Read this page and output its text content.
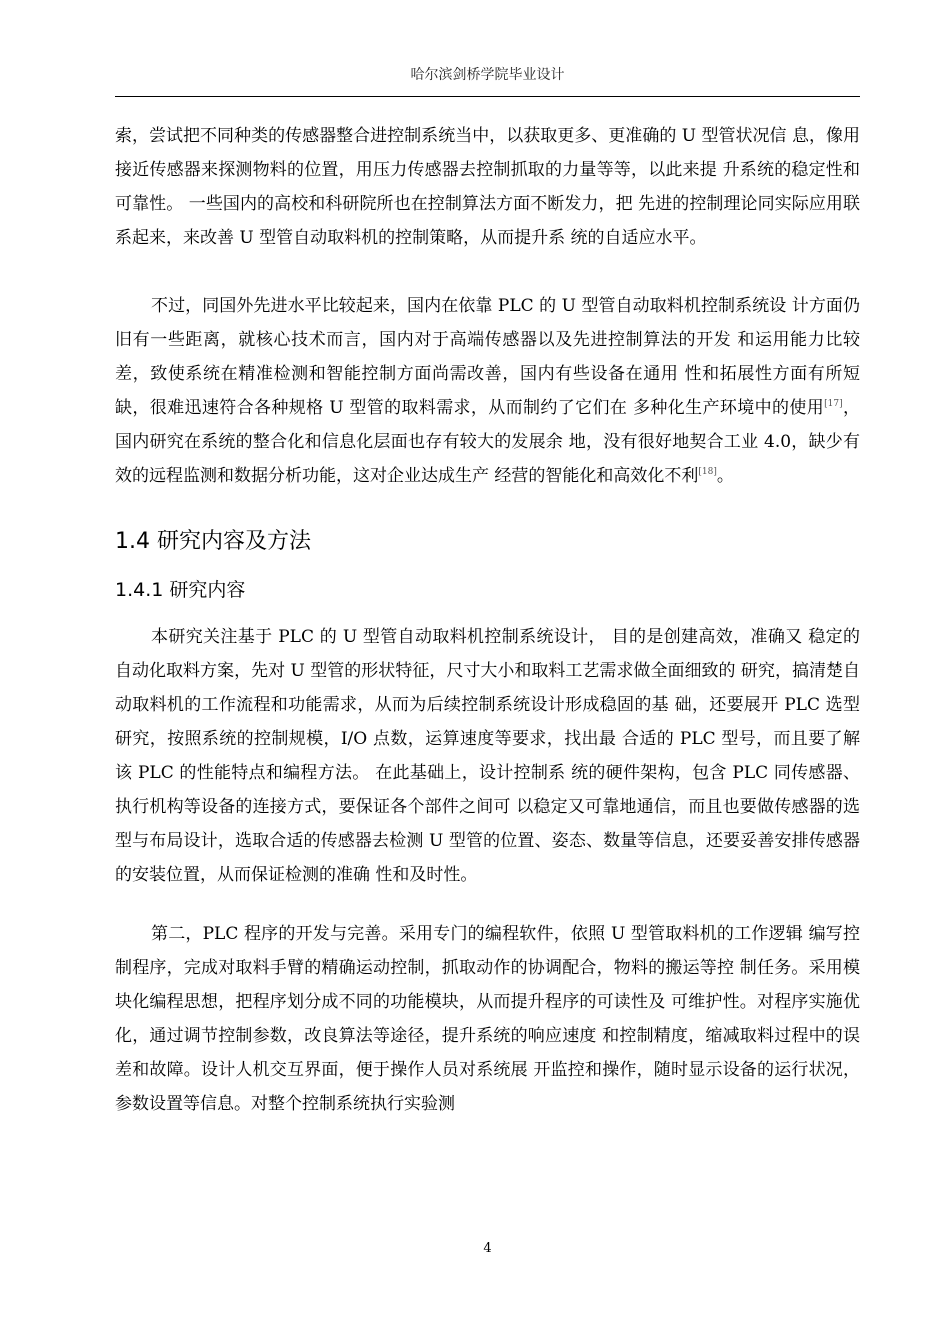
哈尔滨剑桥学院毕业设计
索，尝试把不同种类的传感器整合进控制系统当中，以获取更多、更准确的 U 型管状况信 息，像用接近传感器来探测物料的位置，用压力传感器去控制抓取的力量等等，以此来提 升系统的稳定性和可靠性。 一些国内的高校和科研院所也在控制算法方面不断发力，把 先进的控制理论同实际应用联系起来，来改善 U 型管自动取料机的控制策略，从而提升系 统的自适应水平。
不过，同国外先进水平比较起来，国内在依靠 PLC 的 U 型管自动取料机控制系统设 计方面仍旧有一些距离，就核心技术而言，国内对于高端传感器以及先进控制算法的开发 和运用能力比较差，致使系统在精准检测和智能控制方面尚需改善，国内有些设备在通用 性和拓展性方面有所短缺，很难迅速符合各种规格 U 型管的取料需求，从而制约了它们在 多种化生产环境中的使用[17]，国内研究在系统的整合化和信息化层面也存有较大的发展余 地，没有很好地契合工业 4.0，缺少有效的远程监测和数据分析功能，这对企业达成生产 经营的智能化和高效化不利[18]。
1.4 研究内容及方法
1.4.1 研究内容
本研究关注基于 PLC 的 U 型管自动取料机控制系统设计， 目的是创建高效，准确又 稳定的自动化取料方案，先对 U 型管的形状特征，尺寸大小和取料工艺需求做全面细致的 研究，搞清楚自动取料机的工作流程和功能需求，从而为后续控制系统设计形成稳固的基 础，还要展开 PLC 选型研究，按照系统的控制规模，I/O 点数，运算速度等要求，找出最 合适的 PLC 型号，而且要了解该 PLC 的性能特点和编程方法。 在此基础上，设计控制系 统的硬件架构，包含 PLC 同传感器、执行机构等设备的连接方式，要保证各个部件之间可 以稳定又可靠地通信，而且也要做传感器的选型与布局设计，选取合适的传感器去检测 U 型管的位置、姿态、数量等信息，还要妥善安排传感器的安装位置，从而保证检测的准确 性和及时性。
第二，PLC 程序的开发与完善。采用专门的编程软件，依照 U 型管取料机的工作逻辑 编写控制程序，完成对取料手臂的精确运动控制，抓取动作的协调配合，物料的搬运等控 制任务。采用模块化编程思想，把程序划分成不同的功能模块，从而提升程序的可读性及 可维护性。对程序实施优化，通过调节控制参数，改良算法等途径，提升系统的响应速度 和控制精度，缩减取料过程中的误差和故障。设计人机交互界面，便于操作人员对系统展 开监控和操作，随时显示设备的运行状况，参数设置等信息。对整个控制系统执行实验测
4
